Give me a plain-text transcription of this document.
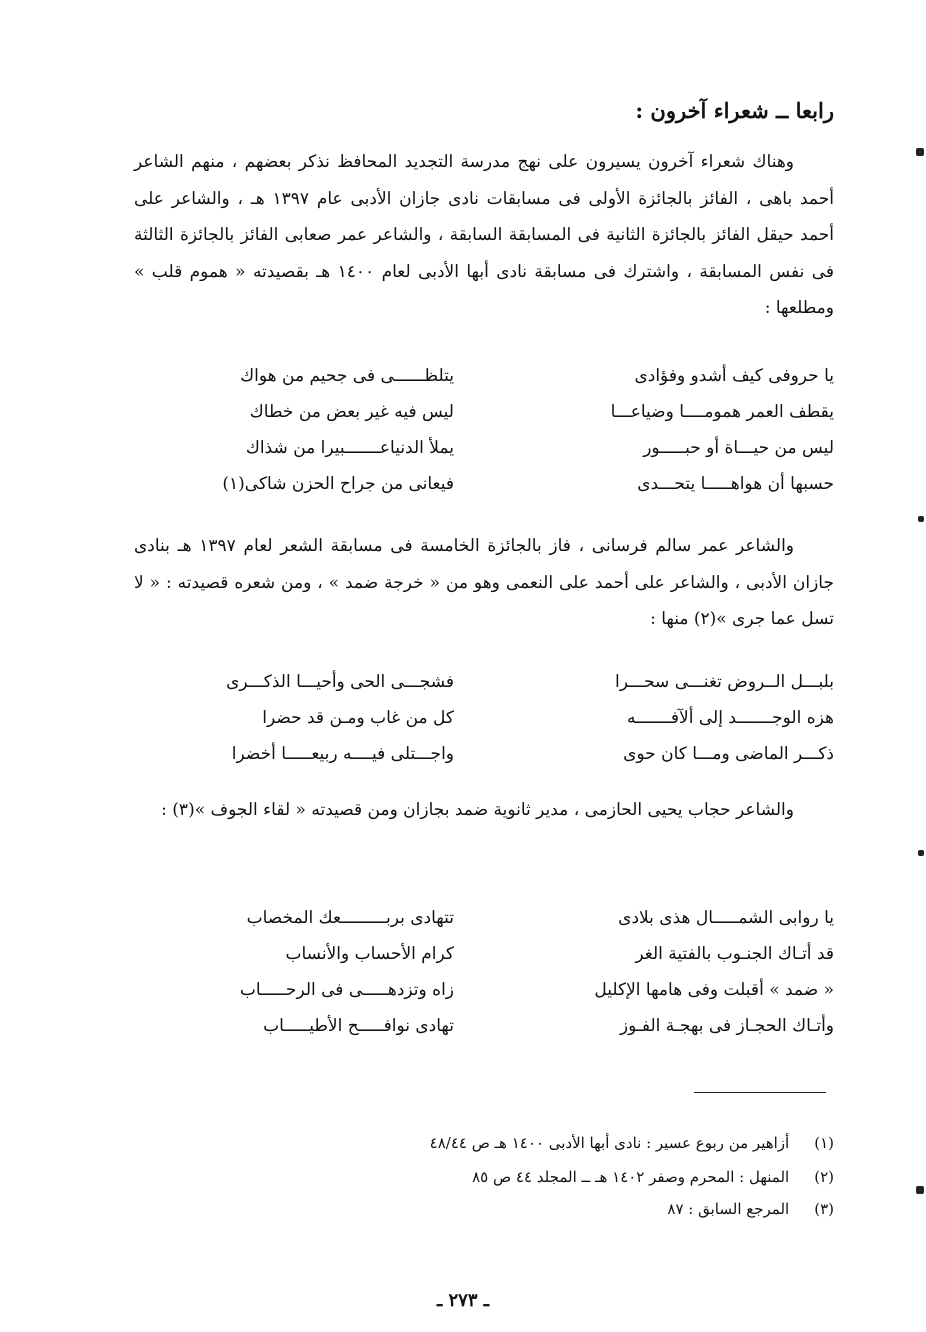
رابعا ــ شعراء آخرون :
وهناك شعراء آخرون يسيرون على نهج مدرسة التجديد المحافظ نذكر بعضهم ، منهم الشاعر أحمد باهى ، الفائز بالجائزة الأولى فى مسابقات نادى جازان الأدبى عام ١٣٩٧ هـ ، والشاعر على أحمد حيقل الفائز بالجائزة الثانية فى المسابقة السابقة ، والشاعر عمر صعابى الفائز بالجائزة الثالثة فى نفس المسابقة ، واشترك فى مسابقة نادى أبها الأدبى لعام ١٤٠٠ هـ بقصيدته « هموم قلب » ومطلعها :
يا حروفى كيف أشدو وفؤادى
يتلظــــــى فى جحيم من هواك
يقطف العمر همومــــا وضياعـــا
ليس فيه غير بعض من خطاك
ليس من حيـــاة أو حبـــــور
يملأ الدنياعـــــــبيرا من شذاك
حسبها أن هواهـــــا يتحـــدى
فيعانى من جراح الحزن شاكى(١)
والشاعر عمر سالم فرسانى ، فاز بالجائزة الخامسة فى مسابقة الشعر لعام ١٣٩٧ هـ بنادى جازان الأدبى ، والشاعر على أحمد على النعمى وهو من « خرجة ضمد » ، ومن شعره قصيدته : « لا تسل عما جرى »(٢) منها :
بلبـــل الــروض تغنـــى سحـــرا
فشجـــى الحى وأحيـــا الذكـــرى
هزه الوجـــــــد إلى ألآفـــــــه
كل من غاب ومـن قد حضرا
ذكـــر الماضى ومـــا كان حوى
واجـــتلى فيــــه ربيعـــــا أخضرا
والشاعر حجاب يحيى الحازمى ، مدير ثانوية ضمد بجازان ومن قصيدته « لقاء الجوف »(٣) :
يا روابى الشمـــــال هذى بلادى
تتهادى بربـــــــــعك المخصاب
قد أتـاك الجنـوب بالفتية الغر
كرام الأحساب والأنساب
« ضمد » أقبلت وفى هامها الإكليل
زاه وتزدهـــــى فى الرحـــــاب
وأتـاك الحجـاز فى بهجـة الفـوز
تهادى نوافـــــح الأطيـــــاب
(١) أزاهير من ربوع عسير : نادى أبها الأدبى ١٤٠٠ هـ ص ٤٨/٤٤
(٢) المنهل : المحرم وصفر ١٤٠٢ هـ ــ المجلد ٤٤ ص ٨٥
(٣) المرجع السابق : ٨٧
ـ ٢٧٣ ـ
